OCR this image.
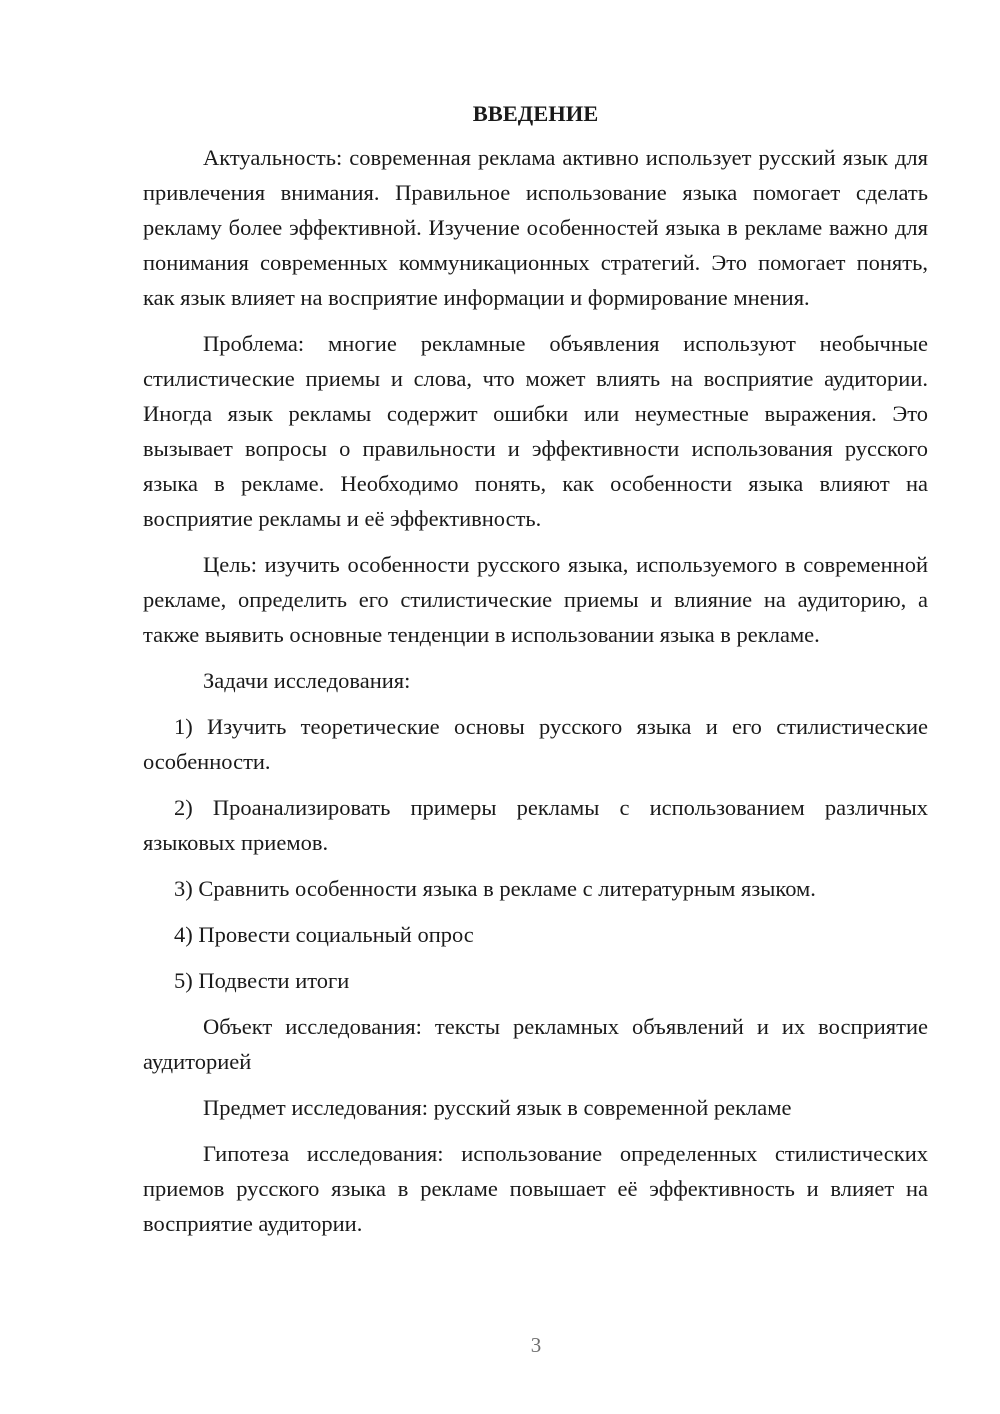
ВВЕДЕНИЕ

Актуальность: современная реклама активно использует русский язык для привлечения внимания. Правильное использование языка помогает сделать рекламу более эффективной. Изучение особенностей языка в рекламе важно для понимания современных коммуникационных стратегий. Это помогает понять, как язык влияет на восприятие информации и формирование мнения.

Проблема: многие рекламные объявления используют необычные стилистические приемы и слова, что может влиять на восприятие аудитории. Иногда язык рекламы содержит ошибки или неуместные выражения. Это вызывает вопросы о правильности и эффективности использования русского языка в рекламе. Необходимо понять, как особенности языка влияют на восприятие рекламы и её эффективность.

Цель: изучить особенности русского языка, используемого в современной рекламе, определить его стилистические приемы и влияние на аудиторию, а также выявить основные тенденции в использовании языка в рекламе.

Задачи исследования:

1) Изучить теоретические основы русского языка и его стилистические особенности.

2) Проанализировать примеры рекламы с использованием различных языковых приемов.

3) Сравнить особенности языка в рекламе с литературным языком.

4) Провести социальный опрос

5) Подвести итоги

Объект исследования: тексты рекламных объявлений и их восприятие аудиторией

Предмет исследования: русский язык в современной рекламе

Гипотеза исследования: использование определенных стилистических приемов русского языка в рекламе повышает её эффективность и влияет на восприятие аудитории.

3
